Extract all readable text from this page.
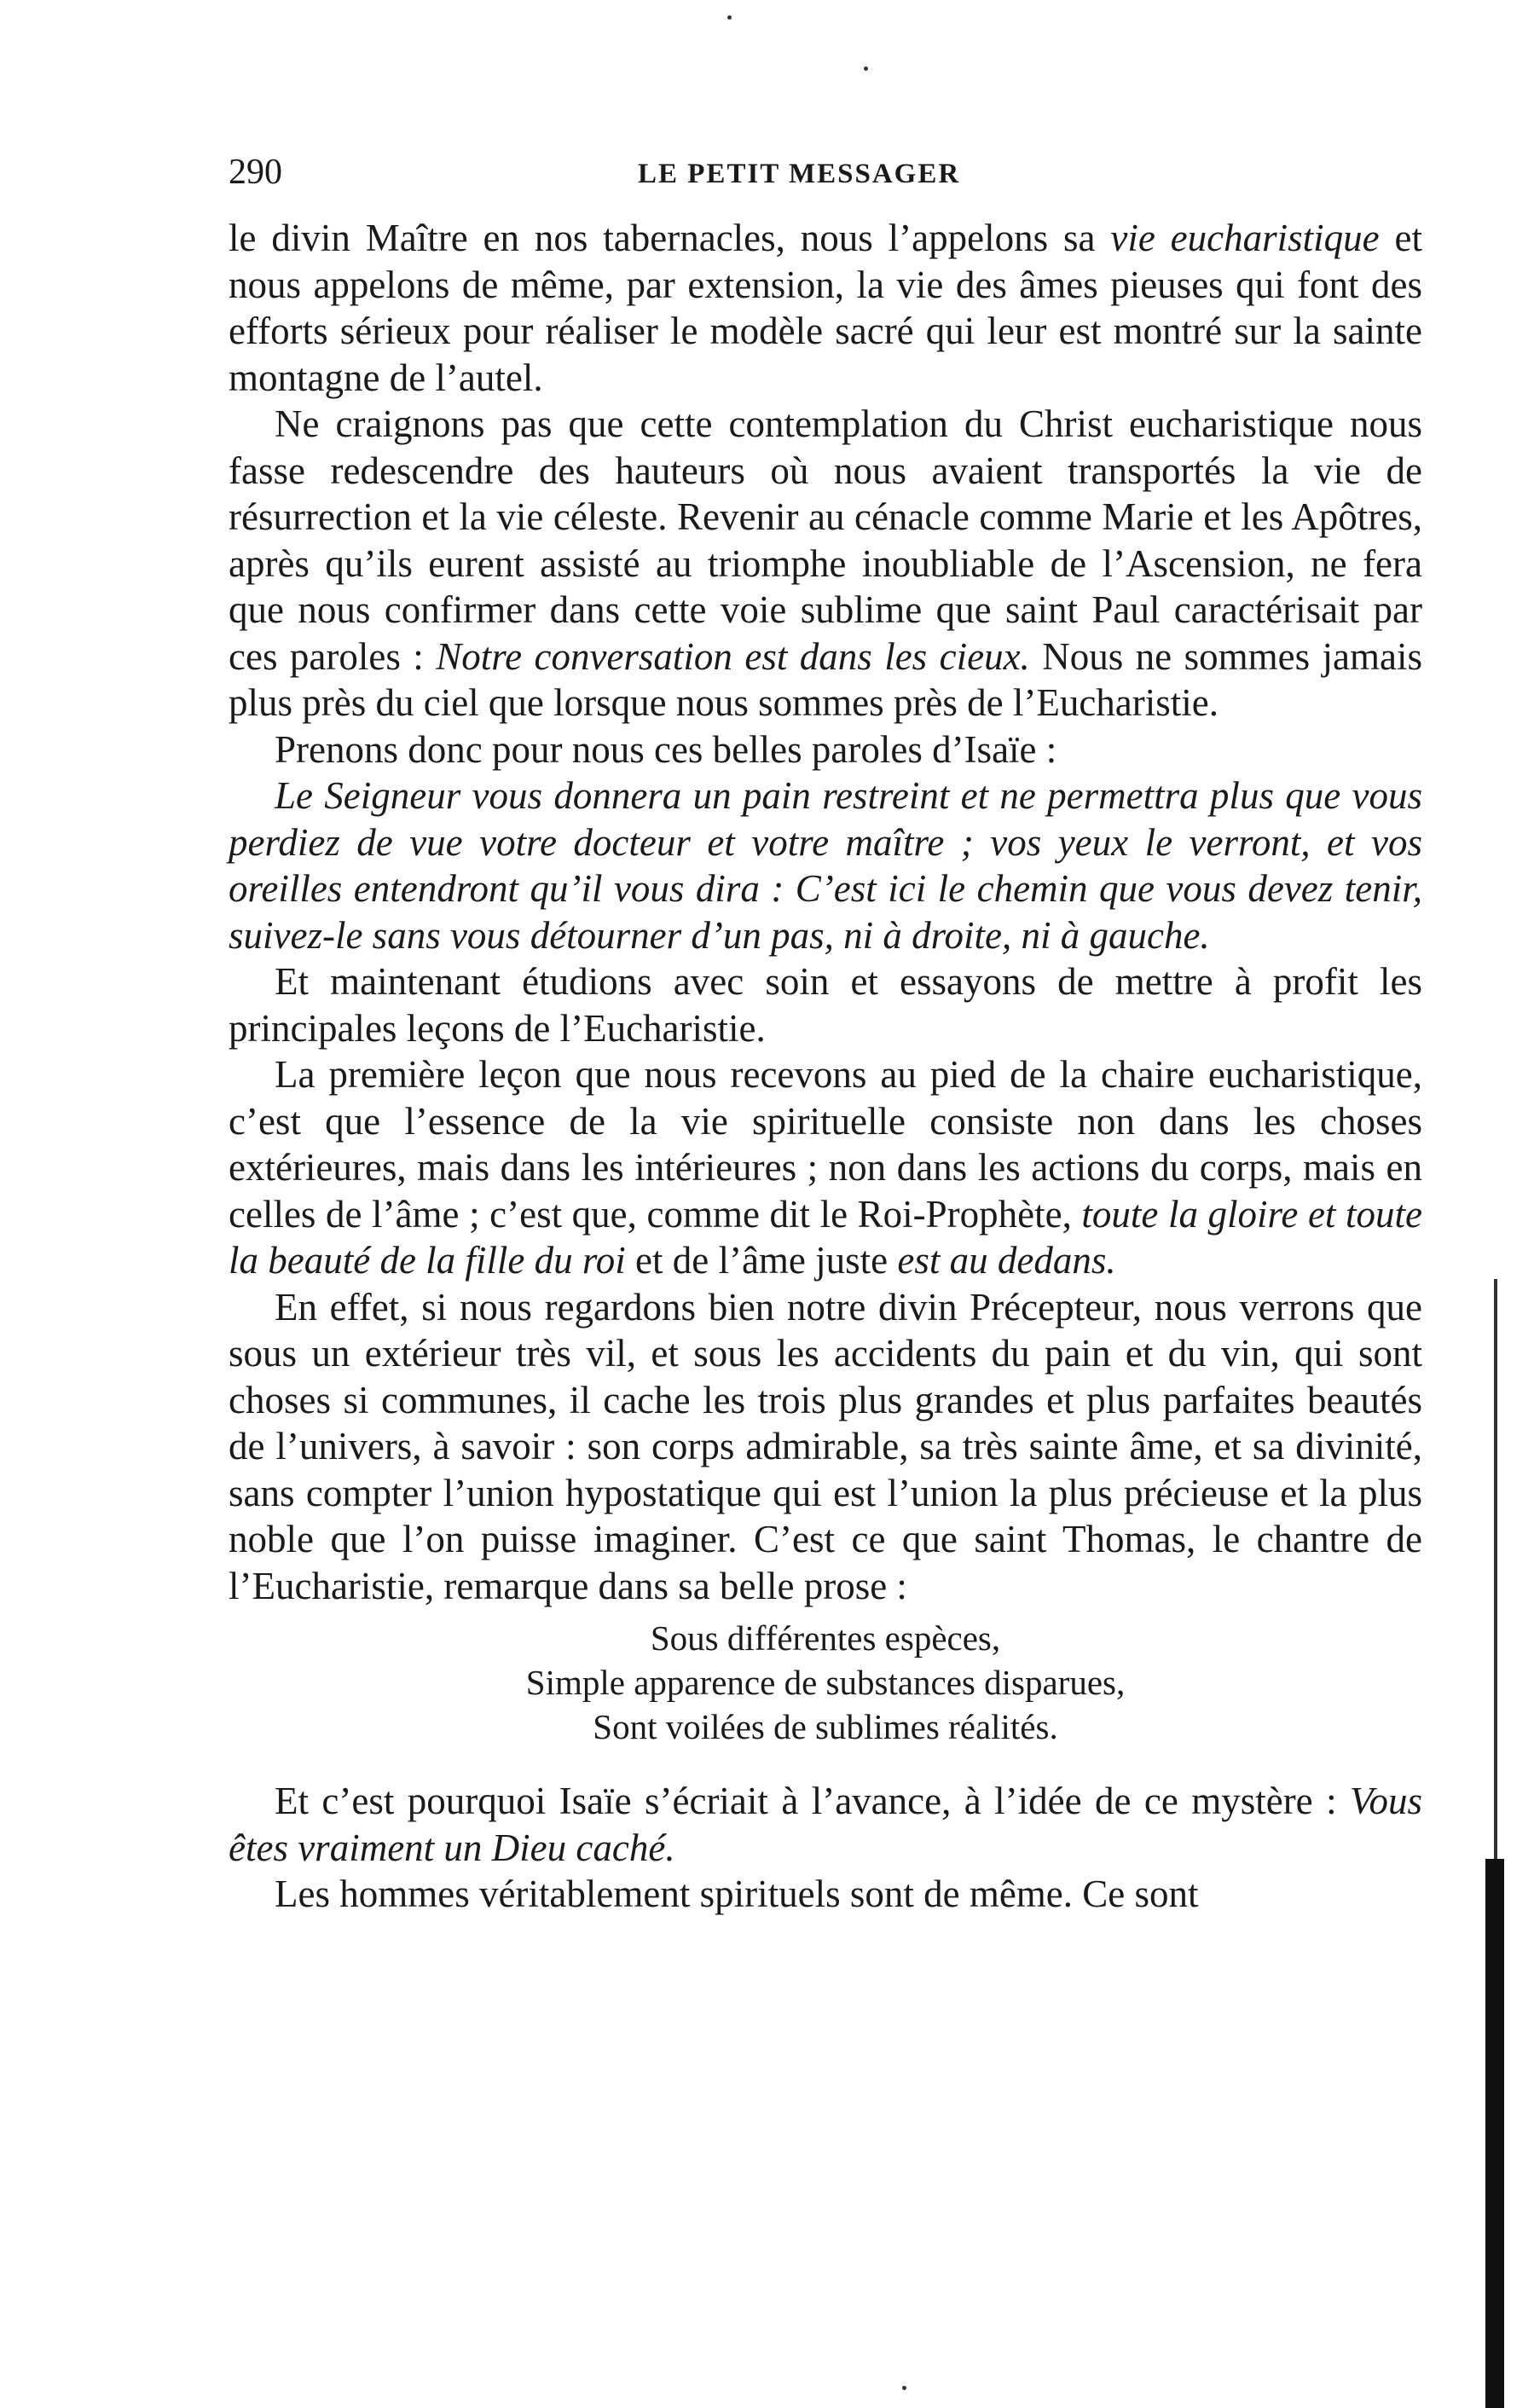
290	LE PETIT MESSAGER

le divin Maître en nos tabernacles, nous l’appelons sa vie eucharistique et nous appelons de même, par extension, la vie des âmes pieuses qui font des efforts sérieux pour réaliser le modèle sacré qui leur est montré sur la sainte montagne de l’autel.

Ne craignons pas que cette contemplation du Christ eucharistique nous fasse redescendre des hauteurs où nous avaient transportés la vie de résurrection et la vie céleste. Revenir au cénacle comme Marie et les Apôtres, après qu’ils eurent assisté au triomphe inoubliable de l’Ascension, ne fera que nous confirmer dans cette voie sublime que saint Paul caractérisait par ces paroles : Notre conversation est dans les cieux. Nous ne sommes jamais plus près du ciel que lorsque nous sommes près de l’Eucharistie.

Prenons donc pour nous ces belles paroles d’Isaïe :

Le Seigneur vous donnera un pain restreint et ne permettra plus que vous perdiez de vue votre docteur et votre maître ; vos yeux le verront, et vos oreilles entendront qu’il vous dira : C’est ici le chemin que vous devez tenir, suivez-le sans vous détourner d’un pas, ni à droite, ni à gauche.

Et maintenant étudions avec soin et essayons de mettre à profit les principales leçons de l’Eucharistie.

La première leçon que nous recevons au pied de la chaire eucharistique, c’est que l’essence de la vie spirituelle consiste non dans les choses extérieures, mais dans les intérieures ; non dans les actions du corps, mais en celles de l’âme ; c’est que, comme dit le Roi-Prophète, toute la gloire et toute la beauté de la fille du roi et de l’âme juste est au dedans.

En effet, si nous regardons bien notre divin Précepteur, nous verrons que sous un extérieur très vil, et sous les accidents du pain et du vin, qui sont choses si communes, il cache les trois plus grandes et plus parfaites beautés de l’univers, à savoir : son corps admirable, sa très sainte âme, et sa divinité, sans compter l’union hypostatique qui est l’union la plus précieuse et la plus noble que l’on puisse imaginer. C’est ce que saint Thomas, le chantre de l’Eucharistie, remarque dans sa belle prose :

Sous différentes espèces,
Simple apparence de substances disparues,
Sont voilées de sublimes réalités.

Et c’est pourquoi Isaïe s’écriait à l’avance, à l’idée de ce mystère : Vous êtes vraiment un Dieu caché.

Les hommes véritablement spirituels sont de même. Ce sont
